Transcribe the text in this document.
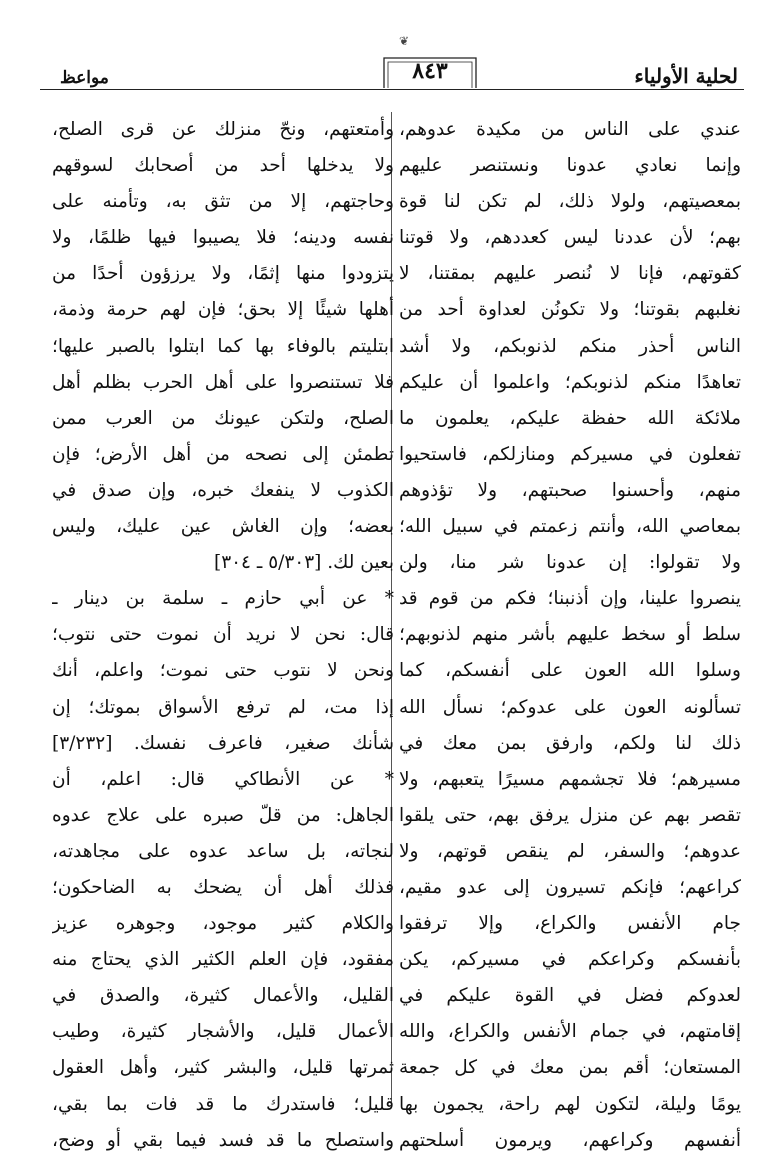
لحلية الأولياء
٨٤٣
مواعظ
❦
عندي على الناس من مكيدة عدوهم،
وإنما نعادي عدونا ونستنصر عليهم
بمعصيتهم، ولولا ذلك، لم تكن لنا قوة
بهم؛ لأن عددنا ليس كعددهم، ولا قوتنا
كقوتهم، فإنا لا نُنصر عليهم بمقتنا، لا
نغلبهم بقوتنا؛ ولا تكونُن لعداوة أحد من
الناس أحذر منكم لذنوبكم، ولا أشد
تعاهدًا منكم لذنوبكم؛ واعلموا أن عليكم
ملائكة الله حفظة عليكم، يعلمون ما
تفعلون في مسيركم ومنازلكم، فاستحيوا
منهم، وأحسنوا صحبتهم، ولا تؤذوهم
بمعاصي الله، وأنتم زعمتم في سبيل الله؛
ولا تقولوا: إن عدونا شر منا، ولن
ينصروا علينا، وإن أذنبنا؛ فكم من قوم قد
سلط أو سخط عليهم بأشر منهم لذنوبهم؛
وسلوا الله العون على أنفسكم، كما
تسألونه العون على عدوكم؛ نسأل الله
ذلك لنا ولكم، وارفق بمن معك في
مسيرهم؛ فلا تجشمهم مسيرًا يتعبهم، ولا
تقصر بهم عن منزل يرفق بهم، حتى يلقوا
عدوهم؛ والسفر، لم ينقص قوتهم، ولا
كراعهم؛ فإنكم تسيرون إلى عدو مقيم،
جام الأنفس والكراع، وإلا ترفقوا
بأنفسكم وكراعكم في مسيركم، يكن
لعدوكم فضل في القوة عليكم في
إقامتهم، في جمام الأنفس والكراع، والله
المستعان؛ أقم بمن معك في كل جمعة
يومًا وليلة، لتكون لهم راحة، يجمون بها
أنفسهم وكراعهم، ويرمون أسلحتهم
وأمتعتهم، ونحّ منزلك عن قرى الصلح،
ولا يدخلها أحد من أصحابك لسوقهم
وحاجتهم، إلا من تثق به، وتأمنه على
نفسه ودينه؛ فلا يصيبوا فيها ظلمًا، ولا
يتزودوا منها إثمًا، ولا يرزؤون أحدًا من
أهلها شيئًا إلا بحق؛ فإن لهم حرمة وذمة،
ابتليتم بالوفاء بها كما ابتلوا بالصبر عليها؛
فلا تستنصروا على أهل الحرب بظلم أهل
الصلح، ولتكن عيونك من العرب ممن
تطمئن إلى نصحه من أهل الأرض؛ فإن
الكذوب لا ينفعك خبره، وإن صدق في
بعضه؛ وإن الغاش عين عليك، وليس
بعين لك. [٥/٣٠٣ ـ ٣٠٤]
* عن أبي حازم ـ سلمة بن دينار ـ
قال: نحن لا نريد أن نموت حتى نتوب؛
ونحن لا نتوب حتى نموت؛ واعلم، أنك
إذا مت، لم ترفع الأسواق بموتك؛ إن
شأنك صغير، فاعرف نفسك. [٣/٢٣٢]
* عن الأنطاكي قال: اعلم، أن
الجاهل: من قلّ صبره على علاج عدوه
لنجاته، بل ساعد عدوه على مجاهدته،
فذلك أهل أن يضحك به الضاحكون؛
والكلام كثير موجود، وجوهره عزيز
مفقود، فإن العلم الكثير الذي يحتاج منه
القليل، والأعمال كثيرة، والصدق في
الأعمال قليل، والأشجار كثيرة، وطيب
ثمرتها قليل، والبشر كثير، وأهل العقول
قليل؛ فاستدرك ما قد فات بما بقي،
واستصلح ما قد فسد فيما بقي أو وضح،
